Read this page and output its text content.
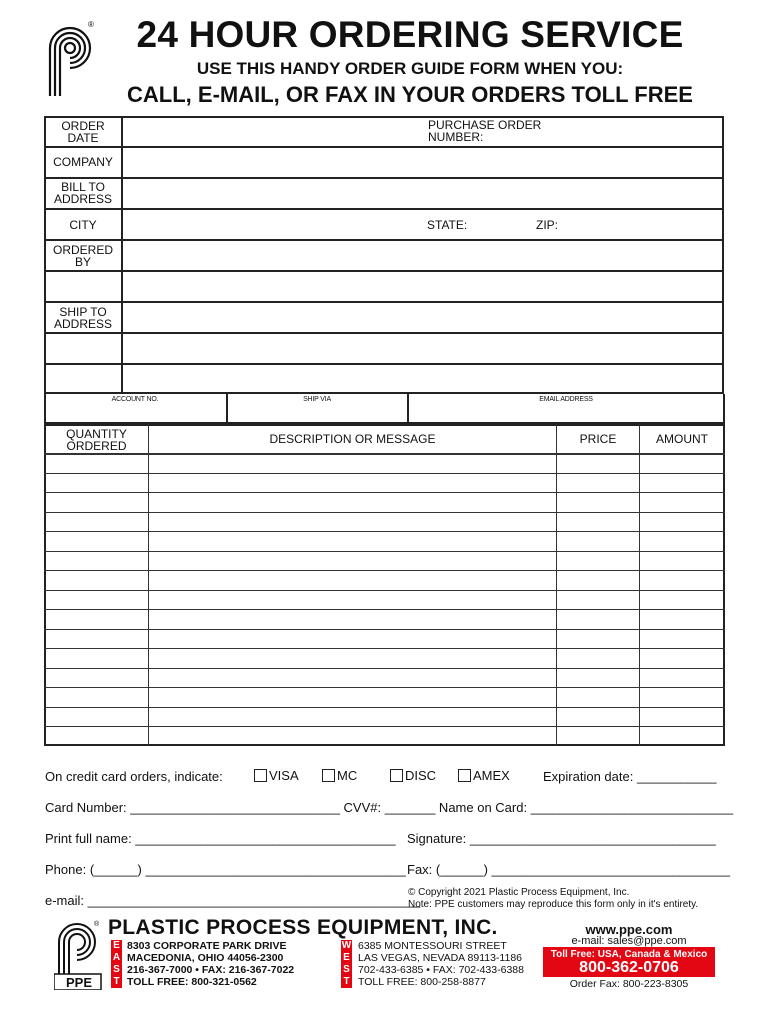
®	24 HOUR ORDERING SERVICE
USE THIS HANDY ORDER GUIDE FORM WHEN YOU:
CALL, E-MAIL, OR FAX IN YOUR ORDERS TOLL FREE
ORDER DATE
PURCHASE ORDER NUMBER:
COMPANY
BILL TO ADDRESS
CITY	STATE:	ZIP:
ORDERED BY
SHIP TO ADDRESS
ACCOUNT NO.	SHIP VIA	EMAIL ADDRESS
QUANTITY ORDERED	DESCRIPTION OR MESSAGE	PRICE	AMOUNT
On credit card orders, indicate:	VISA	MC	DISC	AMEX	Expiration date: ___________
Card Number: _____________________________ CVV#: _______ Name on Card: ____________________________
Print full name: ____________________________________ Signature: __________________________________
Phone: (______) ____________________________________ Fax: (______) _________________________________
e-mail: ______________________________________________
© Copyright 2021 Plastic Process Equipment, Inc.
Note: PPE customers may reproduce this form only in it's entirety.
®
PPE
PLASTIC PROCESS EQUIPMENT, INC.
E
A
S
T
8303 CORPORATE PARK DRIVE
MACEDONIA, OHIO 44056-2300
216-367-7000 • FAX: 216-367-7022
TOLL FREE: 800-321-0562
W
E
S
T
6385 MONTESSOURI STREET
LAS VEGAS, NEVADA 89113-1186
702-433-6385 • FAX: 702-433-6388
TOLL FREE: 800-258-8877
www.ppe.com
e-mail: sales@ppe.com
Toll Free: USA, Canada & Mexico
800-362-0706
Order Fax: 800-223-8305
